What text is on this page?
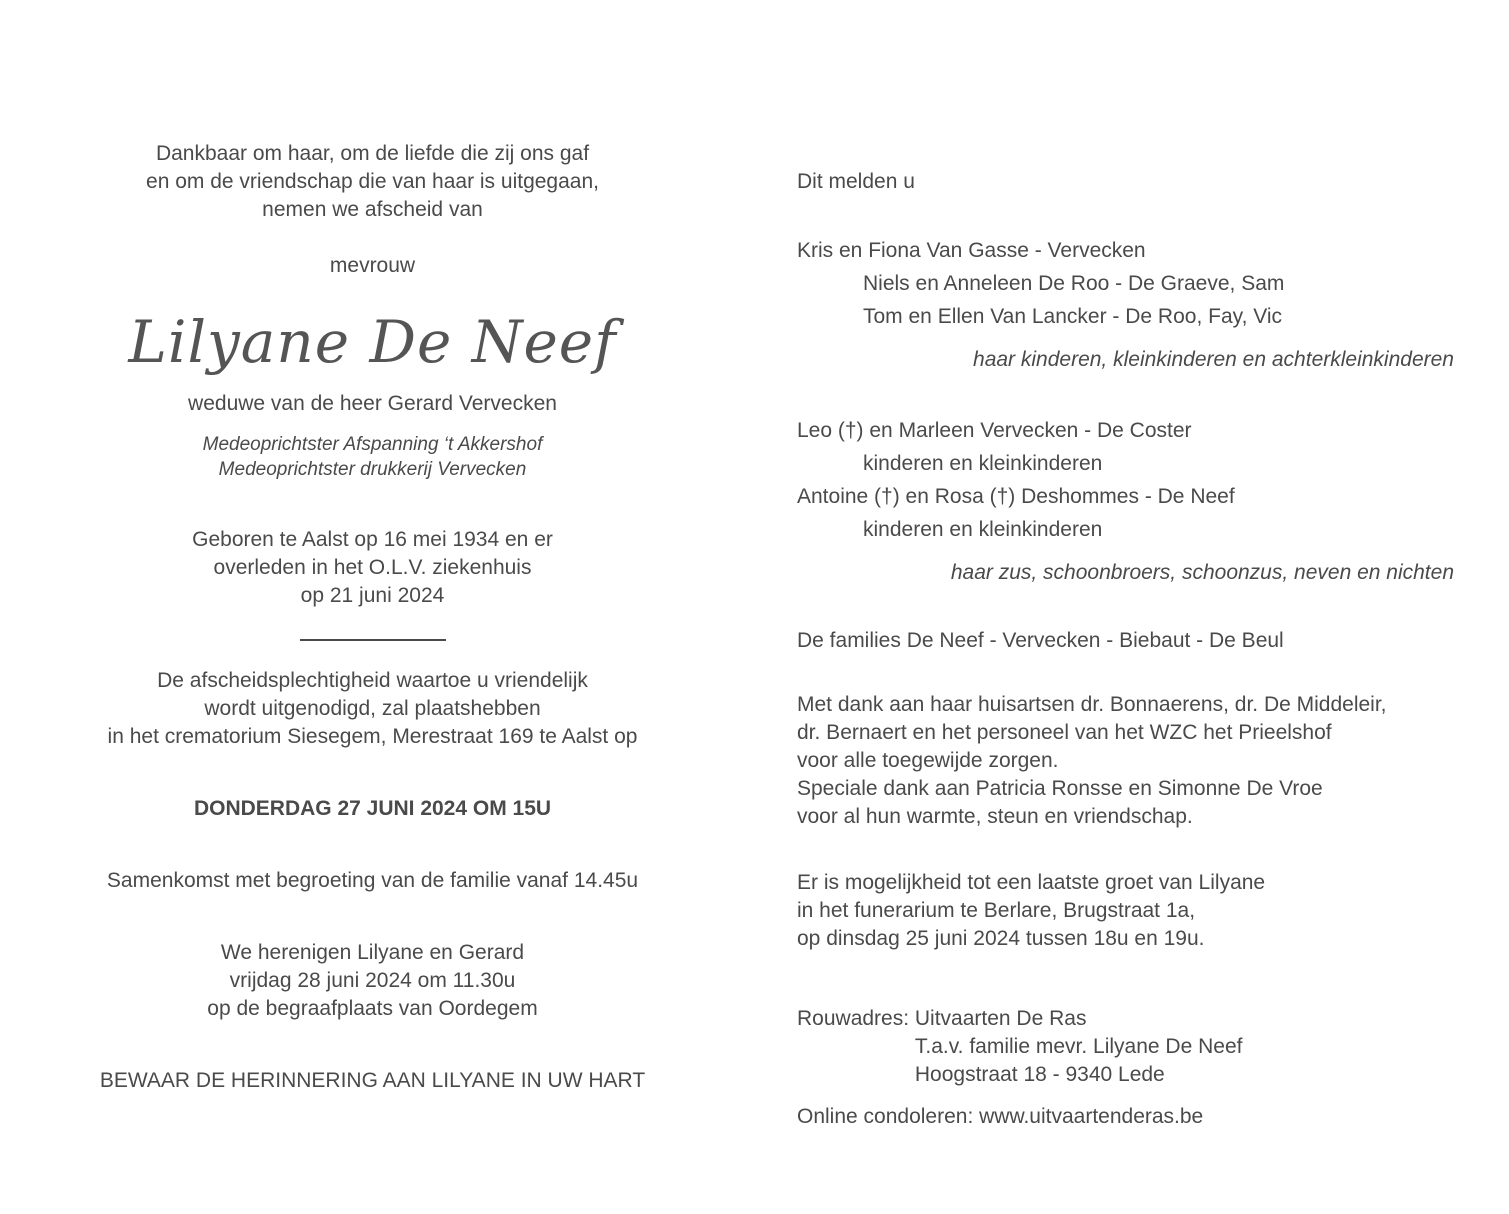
Dankbaar om haar, om de liefde die zij ons gaf
en om de vriendschap die van haar is uitgegaan,
nemen we afscheid van
mevrouw
Lilyane De Neef
weduwe van de heer Gerard Vervecken
Medeoprichtster Afspanning ‘t Akkershof
Medeoprichtster drukkerij Vervecken
Geboren te Aalst op 16 mei 1934 en er
overleden in het O.L.V. ziekenhuis
op 21 juni 2024
De afscheidsplechtigheid waartoe u vriendelijk
wordt uitgenodigd, zal plaatshebben
in het crematorium Siesegem, Merestraat 169 te Aalst op
DONDERDAG 27 JUNI 2024 OM 15U
Samenkomst met begroeting van de familie vanaf 14.45u
We herenigen Lilyane en Gerard
vrijdag 28 juni 2024 om 11.30u
op de begraafplaats van Oordegem
BEWAAR DE HERINNERING AAN LILYANE IN UW HART
Dit melden u
Kris en Fiona Van Gasse - Vervecken
Niels en Anneleen De Roo - De Graeve, Sam
Tom en Ellen Van Lancker - De Roo, Fay, Vic
haar kinderen, kleinkinderen en achterkleinkinderen
Leo (†) en Marleen Vervecken - De Coster
kinderen en kleinkinderen
Antoine (†) en Rosa (†) Deshommes - De Neef
kinderen en kleinkinderen
haar zus, schoonbroers, schoonzus, neven en nichten
De families De Neef - Vervecken - Biebaut - De Beul
Met dank aan haar huisartsen dr. Bonnaerens, dr. De Middeleir,
dr. Bernaert en het personeel van het WZC het Prieelshof
voor alle toegewijde zorgen.
Speciale dank aan Patricia Ronsse en Simonne De Vroe
voor al hun warmte, steun en vriendschap.
Er is mogelijkheid tot een laatste groet van Lilyane
in het funerarium te Berlare, Brugstraat 1a,
op dinsdag 25 juni 2024 tussen 18u en 19u.
Rouwadres: Uitvaarten De Ras
T.a.v. familie mevr. Lilyane De Neef
Hoogstraat 18 - 9340 Lede
Online condoleren: www.uitvaartenderas.be
